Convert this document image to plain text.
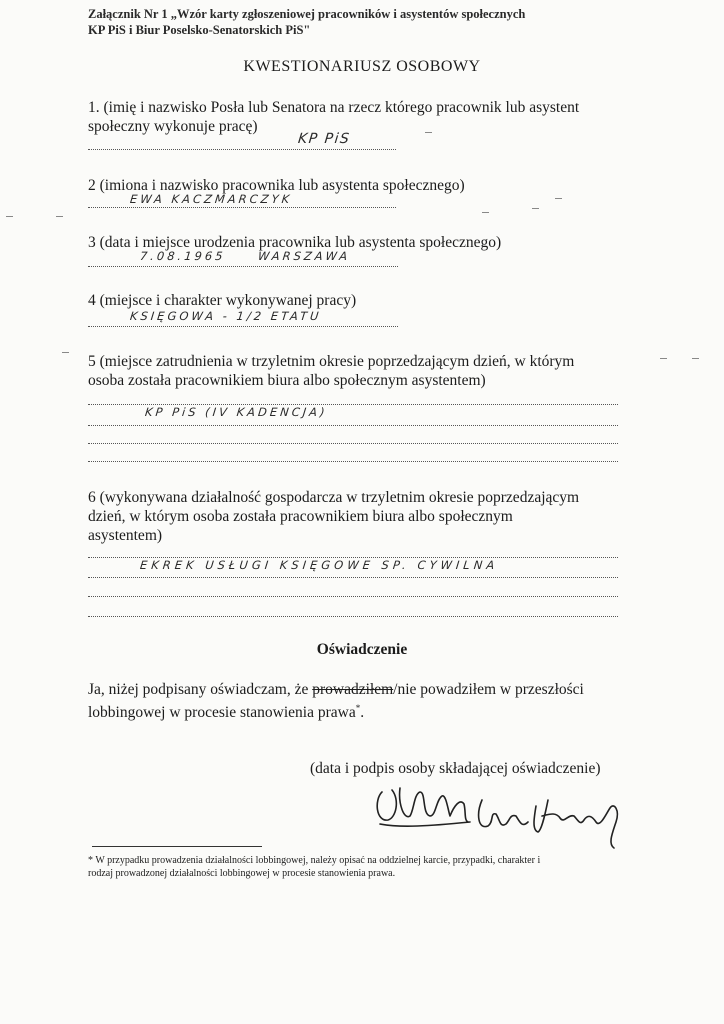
Załącznik Nr 1 „Wzór karty zgłoszeniowej pracowników i asystentów społecznych
KP PiS i Biur Poselsko-Senatorskich PiS"
KWESTIONARIUSZ OSOBOWY
1. (imię i nazwisko Posła lub Senatora na rzecz którego pracownik lub asystent
społeczny wykonuje pracę)
KP PiS
2 (imiona i nazwisko pracownika lub asystenta społecznego)
EWA KACZMARCZYK
3 (data i miejsce urodzenia pracownika lub asystenta społecznego)
7.08.1965	WARSZAWA
4 (miejsce i charakter wykonywanej pracy)
KSIĘGOWA - 1/2 ETATU
5 (miejsce zatrudnienia w trzyletnim okresie poprzedzającym dzień, w którym
osoba została pracownikiem biura albo społecznym asystentem)
KP PiS (IV KADENCJA)
6 (wykonywana działalność gospodarcza w trzyletnim okresie poprzedzającym
dzień, w którym osoba została pracownikiem biura albo społecznym
asystentem)
EKREK USŁUGI KSIĘGOWE SP. CYWILNA
Oświadczenie
Ja, niżej podpisany oświadczam, że prowadziłem/nie powadziłem w przeszłości
lobbingowej w procesie stanowienia prawa*.
(data i podpis osoby składającej oświadczenie)
* W przypadku prowadzenia działalności lobbingowej, należy opisać na oddzielnej karcie, przypadki, charakter i
rodzaj prowadzonej działalności lobbingowej w procesie stanowienia prawa.
